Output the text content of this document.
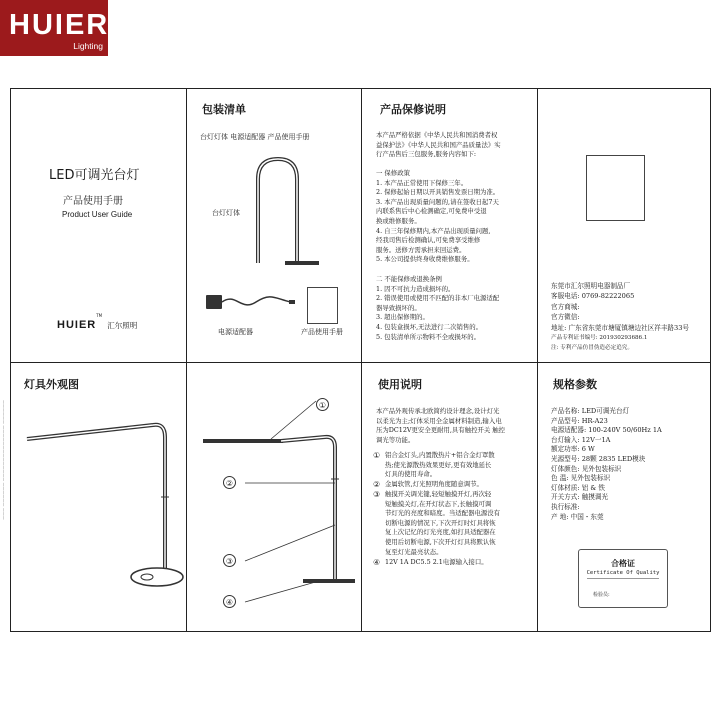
HUIER
Lighting
LED可调光台灯
产品使用手册
Product User Guide
HUIER™ 汇尔照明
包装清单
台灯灯体 电源适配器 产品使用手册
台灯灯体
电源适配器	产品使用手册
产品保修说明
本产品严格依据《中华人民共和国消费者权
益保护法》《中华人民共和国产品质量法》实
行产品售后三包服务,服务内容如下:
一 保修政策
1. 本产品正常使用下保修三年。
2. 保修起始日期以开具销售发票日期为准。
3. 本产品出现质量问题的,请在签收日起7天
内联系售后中心检测确定,可免费申受退
换或维修服务。
4. 自三年保修期内,本产品出现质量问题,
经我司售后检测确认,可免费享受维修
服务。送修方需承担来回运费。
5. 本公司提供终身收费维修服务。
二 不能保修或退换条例
1. 因不可抗力造成损坏的。
2. 错误使用或使用不匹配的非本厂电源适配
器导致损坏的。
3. 超出保修期的。
4. 包装盒损坏,无法进行二次销售的。
5. 包装清单所示物料不全或损坏的。
东莞市汇尔照明电器制品厂
客服电话: 0769-82222065
官方商城:
官方微信:
地址: 广东省东莞市塘厦镇塘边社区祥丰路33号
产品专利证书编号: 201930293686.1
注: 专利产品仿冒伪造必定追究。
灯具外观图
①
②
③
④
使用说明
本产品外观传承北欧简约设计理念,设计灯光
以柔光为主;灯体采用全金属材料制造,输入电
压为DC12V更安全更耐用,具有触控开关 触控
调光等功能。
① 铝合金灯头,内置散热片+铝合金灯罩散
热;使光源散热效果更好,更有效地延长
灯具的使用寿命。
② 金属软管,灯光照明角度随意调节。
③ 触摸开关调光键,轻短触摸开灯,再次轻
短触摸关灯,在开灯状态下,长触摸可调
节灯光的亮度和暗度。当适配器电源没有
切断电源的情况下,下次开灯时灯具将恢
复上次记忆的灯光亮度,如打具适配器在
使用后切断电源,下次开灯灯具将默认恢
复至灯光最亮状态。
④ 12V 1A DC5.5 2.1电源输入接口。
规格参数
产品名称: LED可调光台灯
产品型号: HR-A23
电源适配器: 100-240V 50/60Hz 1A
台灯输入: 12V一1A
额定功率: 6 W
光源型号: 28颗 2835 LED模块
灯体颜色: 见外包装标识
色 温: 见外包装标识
灯体材质: 铝 & 铁
开关方式: 触摸调光
执行标准:
产 地: 中国・东莞
合格证
Certificate Of Quality
检验员:
—————— —————————————— —————— ———
